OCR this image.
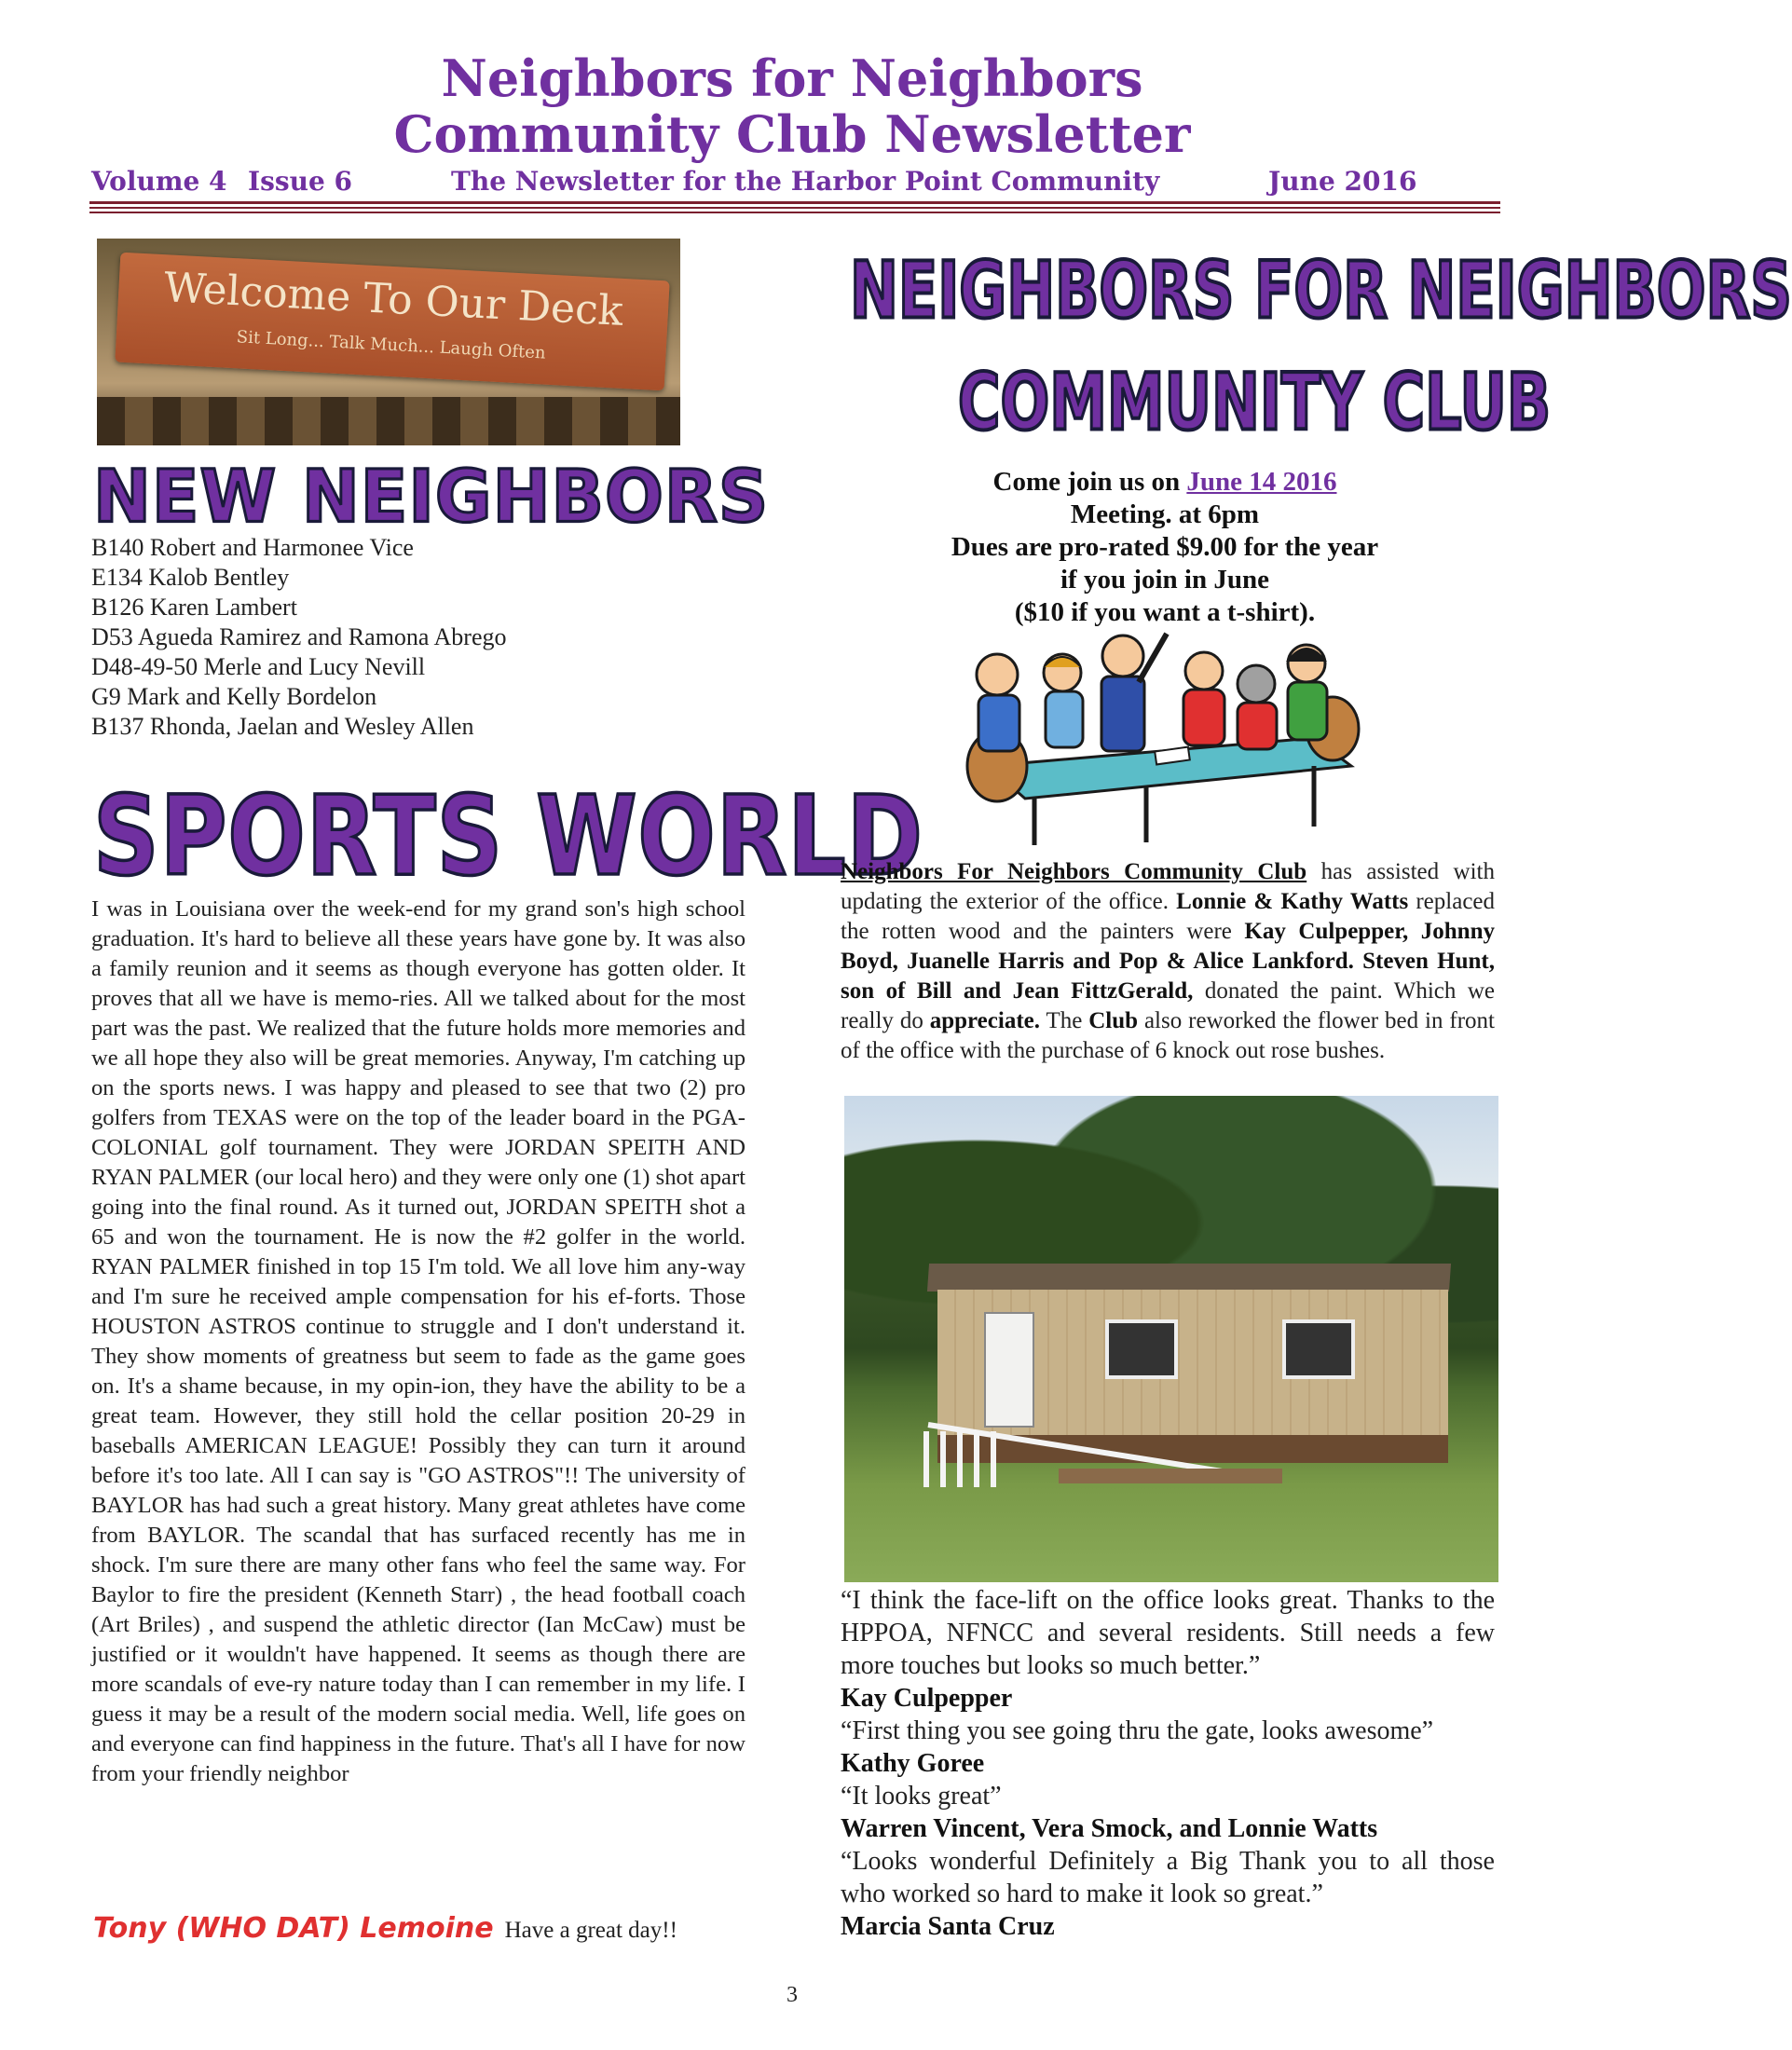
Neighbors for Neighbors
Community Club Newsletter
Volume 4 Issue 6	The Newsletter for the Harbor Point Community	June 2016
Welcome To Our Deck
Sit Long... Talk Much... Laugh Often
NEW NEIGHBORS
B140 Robert and Harmonee Vice
E134 Kalob Bentley
B126 Karen Lambert
D53 Agueda Ramirez and Ramona Abrego
D48-49-50 Merle and Lucy Nevill
G9 Mark and Kelly Bordelon
B137 Rhonda, Jaelan and Wesley Allen
SPORTS WORLD
I was in Louisiana over the week-end for my grand son's high school graduation. It's hard to believe all these years have gone by. It was also a family reunion and it seems as though everyone has gotten older. It proves that all we have is memo-ries. All we talked about for the most part was the past. We realized that the future holds more memories and we all hope they also will be great memories. Anyway, I'm catching up on the sports news. I was happy and pleased to see that two (2) pro golfers from TEXAS were on the top of the leader board in the PGA-COLONIAL golf tournament. They were JORDAN SPEITH AND RYAN PALMER (our local hero) and they were only one (1) shot apart going into the final round. As it turned out, JORDAN SPEITH shot a 65 and won the tournament. He is now the #2 golfer in the world. RYAN PALMER finished in top 15 I'm told. We all love him any-way and I'm sure he received ample compensation for his ef-forts. Those HOUSTON ASTROS continue to struggle and I don't understand it. They show moments of greatness but seem to fade as the game goes on. It's a shame because, in my opin-ion, they have the ability to be a great team. However, they still hold the cellar position 20-29 in baseballs AMERICAN LEAGUE! Possibly they can turn it around before it's too late. All I can say is "GO ASTROS"!! The university of BAYLOR has had such a great history. Many great athletes have come from BAYLOR. The scandal that has surfaced recently has me in shock. I'm sure there are many other fans who feel the same way. For Baylor to fire the president (Kenneth Starr) , the head football coach (Art Briles) , and suspend the athletic director (Ian McCaw) must be justified or it wouldn't have happened. It seems as though there are more scandals of eve-ry nature today than I can remember in my life. I guess it may be a result of the modern social media. Well, life goes on and everyone can find happiness in the future. That's all I have for now from your friendly neighbor
Tony (WHO DAT) Lemoine Have a great day!!
NEIGHBORS FOR NEIGHBORS
COMMUNITY CLUB
Come join us on June 14 2016
Meeting. at 6pm
Dues are pro-rated $9.00 for the year
if you join in June
($10 if you want a t-shirt).
Neighbors For Neighbors Community Club has assisted with updating the exterior of the office. Lonnie & Kathy Watts replaced the rotten wood and the painters were Kay Culpepper, Johnny Boyd, Juanelle Harris and Pop & Alice Lankford. Steven Hunt, son of Bill and Jean FittzGerald, donated the paint. Which we really do appreciate. The Club also reworked the flower bed in front of the office with the purchase of 6 knock out rose bushes.
“I think the face-lift on the office looks great. Thanks to the HPPOA, NFNCC and several residents. Still needs a few more touches but looks so much better.”
Kay Culpepper
“First thing you see going thru the gate, looks awesome”
Kathy Goree
“It looks great”
Warren Vincent, Vera Smock, and Lonnie Watts
“Looks wonderful Definitely a Big Thank you to all those who worked so hard to make it look so great.”
Marcia Santa Cruz
3
